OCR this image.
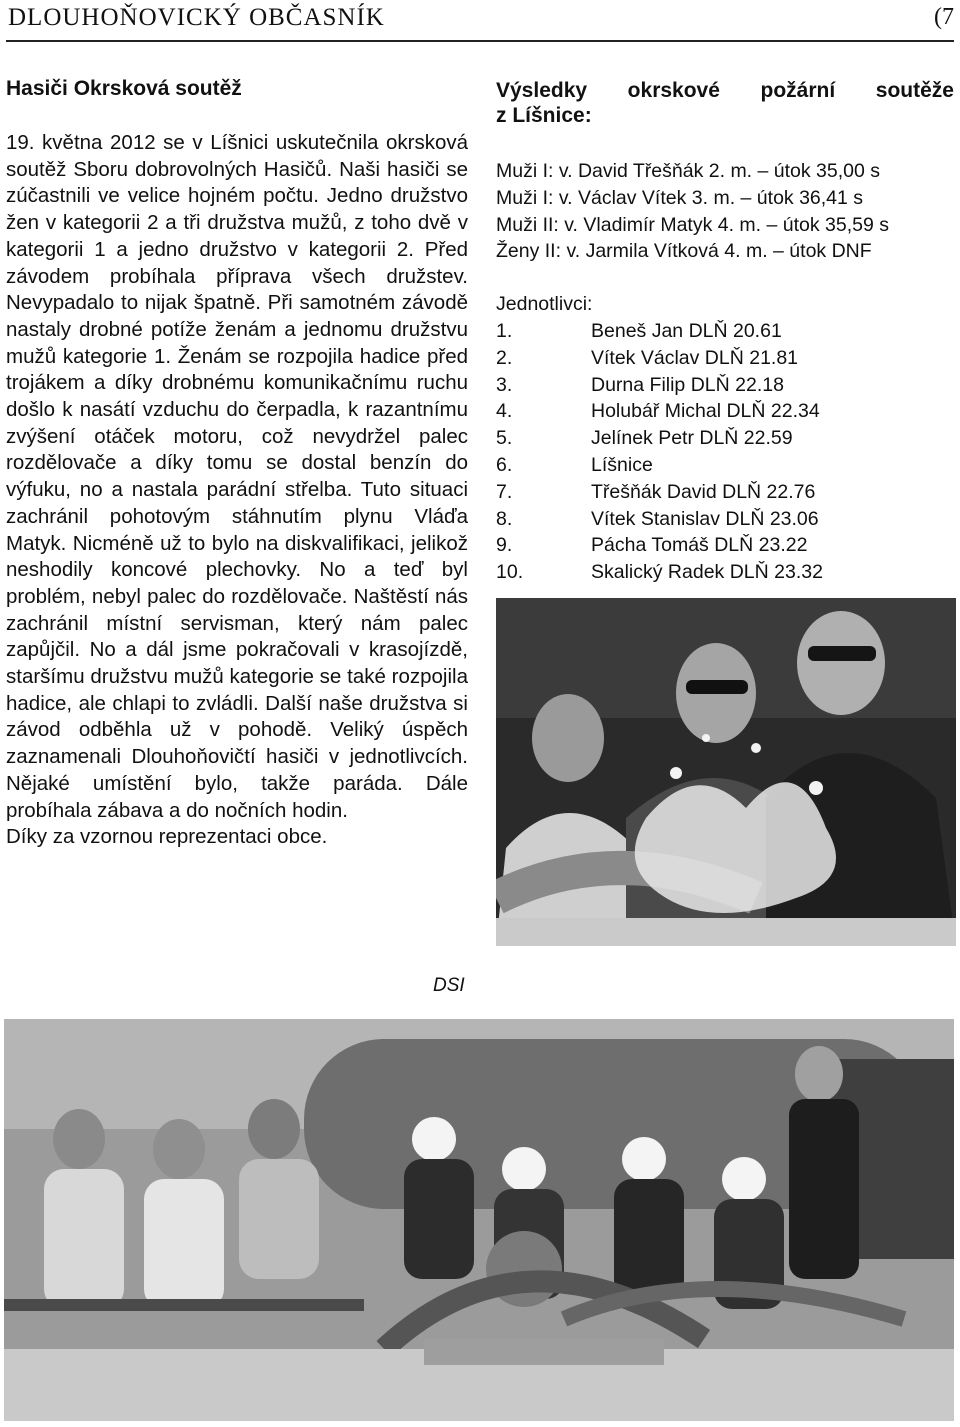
DLOUHOŇOVICKÝ OBČASNÍK	(7
Hasiči Okrsková soutěž

19. května 2012 se v Líšnici uskutečnila okrsková soutěž Sboru dobrovolných Hasičů. Naši hasiči se zúčastnili ve velice hojném počtu. Jedno družstvo žen v kategorii 2 a tři družstva mužů, z toho dvě v kategorii 1 a jedno družstvo v kategorii 2. Před závodem probíhala příprava všech družstev. Nevypadalo to nijak špatně. Při samotném závodě nastaly drobné potíže ženám a jednomu družstvu mužů kategorie 1. Ženám se rozpojila hadice před trojákem a díky drobnému komunikačnímu ruchu došlo k nasátí vzduchu do čerpadla, k razantnímu zvýšení otáček motoru, což nevydržel palec rozdělovače a díky tomu se dostal benzín do výfuku, no a nastala parádní střelba. Tuto situaci zachránil pohotovým stáhnutím plynu Vláďa Matyk. Nicméně už to bylo na diskvalifikaci, jelikož neshodily koncové plechovky. No a teď byl problém, nebyl palec do rozdělovače. Naštěstí nás zachránil místní servisman, který nám palec zapůjčil. No a dál jsme pokračovali v krasojízdě, staršímu družstvu mužů kategorie se také rozpojila hadice, ale chlapi to zvládli. Další naše družstva si závod odběhla už v pohodě. Veliký úspěch zaznamenali Dlouhoňovičtí hasiči v jednotlivcích. Nějaké umístění bylo, takže paráda. Dále probíhala zábava a do nočních hodin.
Díky za vzornou reprezentaci obce.

DSI
Výsledky okrskové požární soutěže
z Líšnice:
Muži I: v. David Třešňák 2. m. – útok 35,00 s
Muži I: v. Václav Vítek 3. m. – útok 36,41 s
Muži II: v. Vladimír Matyk 4. m. – útok 35,59 s
Ženy II: v. Jarmila Vítková 4. m. – útok DNF
Jednotlivci:
1.	Beneš Jan DLŇ 20.61
2.	Vítek Václav DLŇ 21.81
3.	Durna Filip DLŇ 22.18
4.	Holubář Michal DLŇ 22.34
5.	Jelínek Petr DLŇ 22.59
6.	Líšnice
7.	Třešňák David DLŇ 22.76
8.	Vítek Stanislav DLŇ 23.06
9.	Pácha Tomáš DLŇ 23.22
10.	Skalický Radek DLŇ 23.32
